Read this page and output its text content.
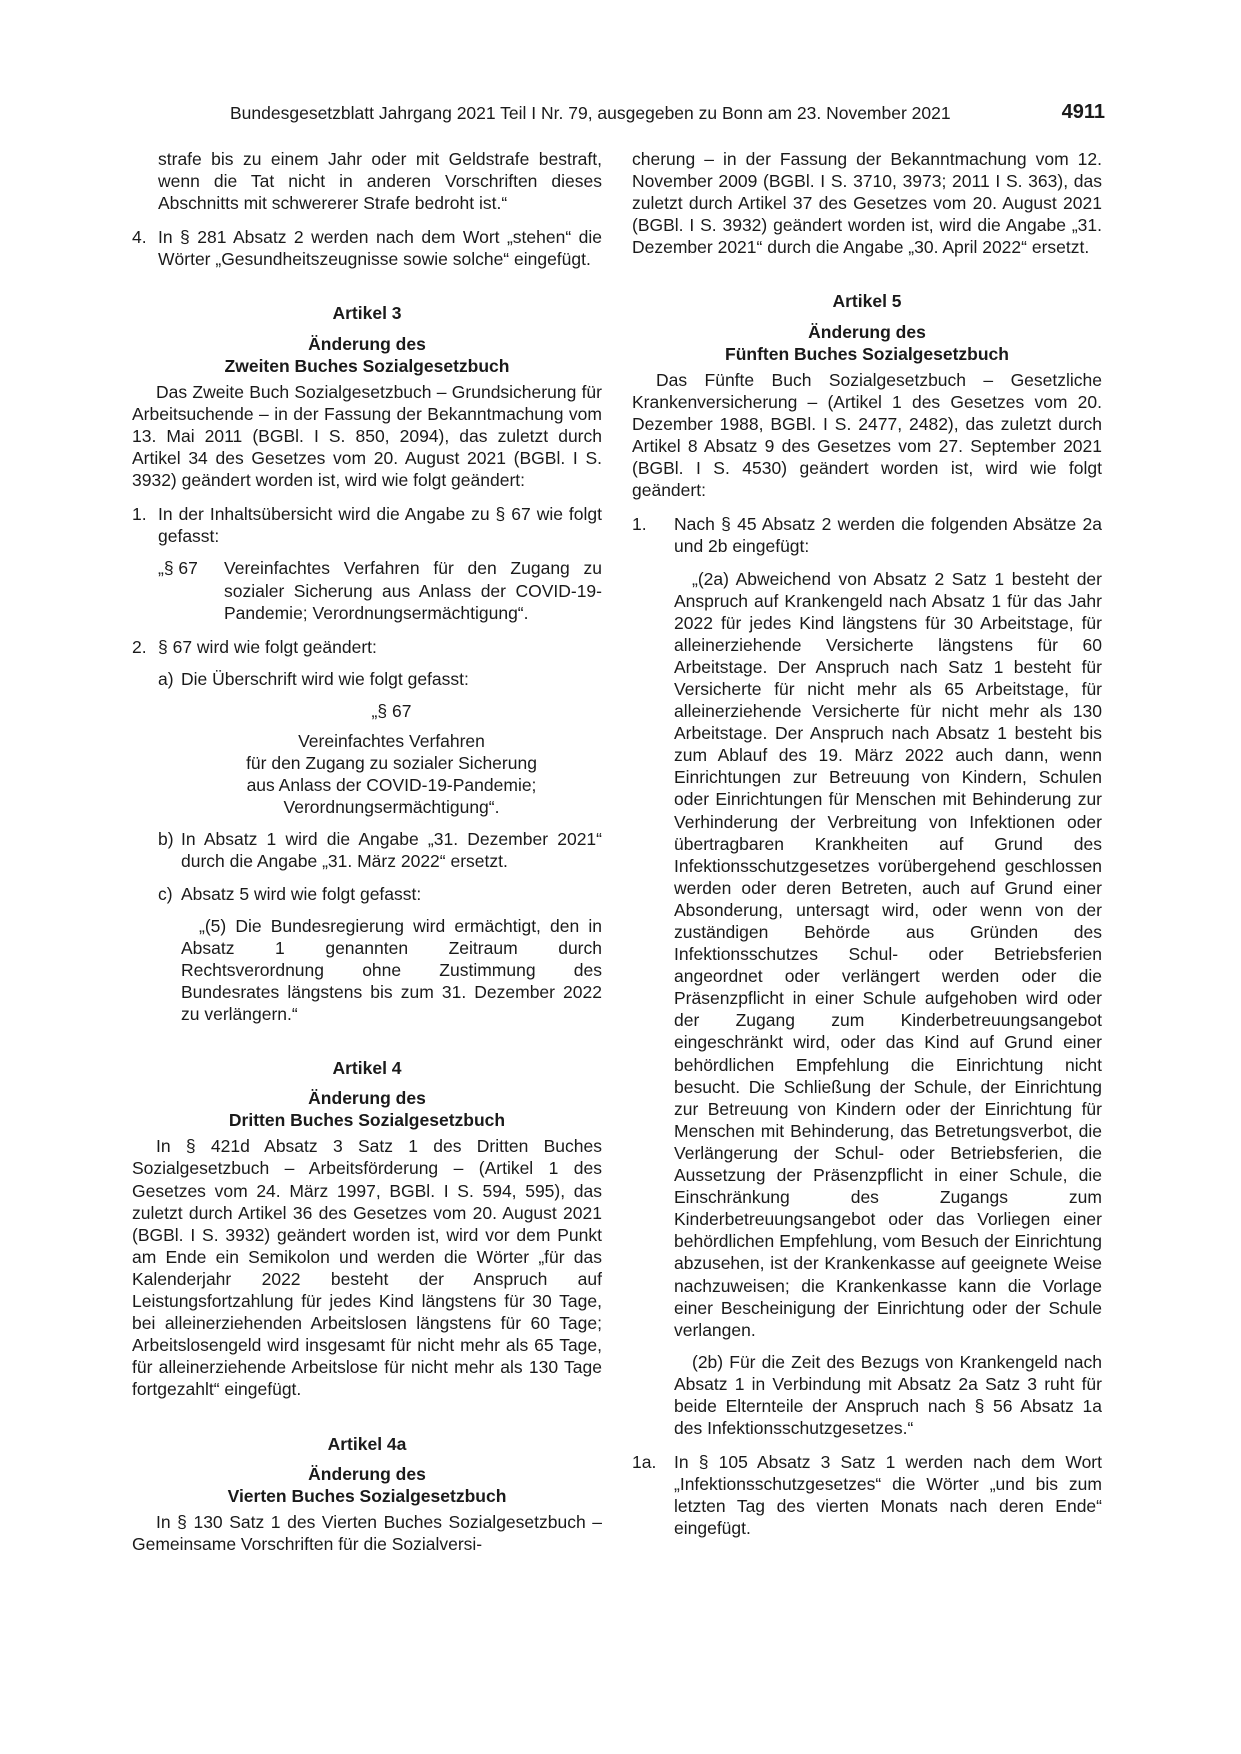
Bundesgesetzblatt Jahrgang 2021 Teil I Nr. 79, ausgegeben zu Bonn am 23. November 2021	4911

strafe bis zu einem Jahr oder mit Geldstrafe bestraft, wenn die Tat nicht in anderen Vorschriften dieses Abschnitts mit schwererer Strafe bedroht ist.“

4. In § 281 Absatz 2 werden nach dem Wort „stehen“ die Wörter „Gesundheitszeugnisse sowie solche“ eingefügt.
Artikel 3
Änderung des
Zweiten Buches Sozialgesetzbuch

Das Zweite Buch Sozialgesetzbuch – Grundsicherung für Arbeitsuchende – in der Fassung der Bekanntmachung vom 13. Mai 2011 (BGBl. I S. 850, 2094), das zuletzt durch Artikel 34 des Gesetzes vom 20. August 2021 (BGBl. I S. 3932) geändert worden ist, wird wie folgt geändert:

1. In der Inhaltsübersicht wird die Angabe zu § 67 wie folgt gefasst:
„§ 67 Vereinfachtes Verfahren für den Zugang zu sozialer Sicherung aus Anlass der COVID-19-Pandemie; Verordnungsermächtigung“.
2. § 67 wird wie folgt geändert:
a) Die Überschrift wird wie folgt gefasst:
„§ 67
Vereinfachtes Verfahren
für den Zugang zu sozialer Sicherung
aus Anlass der COVID-19-Pandemie;
Verordnungsermächtigung“.
b) In Absatz 1 wird die Angabe „31. Dezember 2021“ durch die Angabe „31. März 2022“ ersetzt.
c) Absatz 5 wird wie folgt gefasst:

„(5) Die Bundesregierung wird ermächtigt, den in Absatz 1 genannten Zeitraum durch Rechtsverordnung ohne Zustimmung des Bundesrates längstens bis zum 31. Dezember 2022 zu verlängern.“

Artikel 4
Änderung des
Dritten Buches Sozialgesetzbuch

In § 421d Absatz 3 Satz 1 des Dritten Buches Sozialgesetzbuch – Arbeitsförderung – (Artikel 1 des Gesetzes vom 24. März 1997, BGBl. I S. 594, 595), das zuletzt durch Artikel 36 des Gesetzes vom 20. August 2021 (BGBl. I S. 3932) geändert worden ist, wird vor dem Punkt am Ende ein Semikolon und werden die Wörter „für das Kalenderjahr 2022 besteht der Anspruch auf Leistungsfortzahlung für jedes Kind längstens für 30 Tage, bei alleinerziehenden Arbeitslosen längstens für 60 Tage; Arbeitslosengeld wird insgesamt für nicht mehr als 65 Tage, für alleinerziehende Arbeitslose für nicht mehr als 130 Tage fortgezahlt“ eingefügt.

Artikel 4a
Änderung des
Vierten Buches Sozialgesetzbuch

In § 130 Satz 1 des Vierten Buches Sozialgesetzbuch – Gemeinsame Vorschriften für die Sozialversi-

cherung – in der Fassung der Bekanntmachung vom 12. November 2009 (BGBl. I S. 3710, 3973; 2011 I S. 363), das zuletzt durch Artikel 37 des Gesetzes vom 20. August 2021 (BGBl. I S. 3932) geändert worden ist, wird die Angabe „31. Dezember 2021“ durch die Angabe „30. April 2022“ ersetzt.

Artikel 5
Änderung des
Fünften Buches Sozialgesetzbuch

Das Fünfte Buch Sozialgesetzbuch – Gesetzliche Krankenversicherung – (Artikel 1 des Gesetzes vom 20. Dezember 1988, BGBl. I S. 2477, 2482), das zuletzt durch Artikel 8 Absatz 9 des Gesetzes vom 27. September 2021 (BGBl. I S. 4530) geändert worden ist, wird wie folgt geändert:

1. Nach § 45 Absatz 2 werden die folgenden Absätze 2a und 2b eingefügt:

„(2a) Abweichend von Absatz 2 Satz 1 besteht der Anspruch auf Krankengeld nach Absatz 1 für das Jahr 2022 für jedes Kind längstens für 30 Arbeitstage, für alleinerziehende Versicherte längstens für 60 Arbeitstage. Der Anspruch nach Satz 1 besteht für Versicherte für nicht mehr als 65 Arbeitstage, für alleinerziehende Versicherte für nicht mehr als 130 Arbeitstage. Der Anspruch nach Absatz 1 besteht bis zum Ablauf des 19. März 2022 auch dann, wenn Einrichtungen zur Betreuung von Kindern, Schulen oder Einrichtungen für Menschen mit Behinderung zur Verhinderung der Verbreitung von Infektionen oder übertragbaren Krankheiten auf Grund des Infektionsschutzgesetzes vorübergehend geschlossen werden oder deren Betreten, auch auf Grund einer Absonderung, untersagt wird, oder wenn von der zuständigen Behörde aus Gründen des Infektionsschutzes Schul- oder Betriebsferien angeordnet oder verlängert werden oder die Präsenzpflicht in einer Schule aufgehoben wird oder der Zugang zum Kinderbetreuungsangebot eingeschränkt wird, oder das Kind auf Grund einer behördlichen Empfehlung die Einrichtung nicht besucht. Die Schließung der Schule, der Einrichtung zur Betreuung von Kindern oder der Einrichtung für Menschen mit Behinderung, das Betretungsverbot, die Verlängerung der Schul- oder Betriebsferien, die Aussetzung der Präsenzpflicht in einer Schule, die Einschränkung des Zugangs zum Kinderbetreuungsangebot oder das Vorliegen einer behördlichen Empfehlung, vom Besuch der Einrichtung abzusehen, ist der Krankenkasse auf geeignete Weise nachzuweisen; die Krankenkasse kann die Vorlage einer Bescheinigung der Einrichtung oder der Schule verlangen.

(2b) Für die Zeit des Bezugs von Krankengeld nach Absatz 1 in Verbindung mit Absatz 2a Satz 3 ruht für beide Elternteile der Anspruch nach § 56 Absatz 1a des Infektionsschutzgesetzes.“

1a. In § 105 Absatz 3 Satz 1 werden nach dem Wort „Infektionsschutzgesetzes“ die Wörter „und bis zum letzten Tag des vierten Monats nach deren Ende“ eingefügt.
